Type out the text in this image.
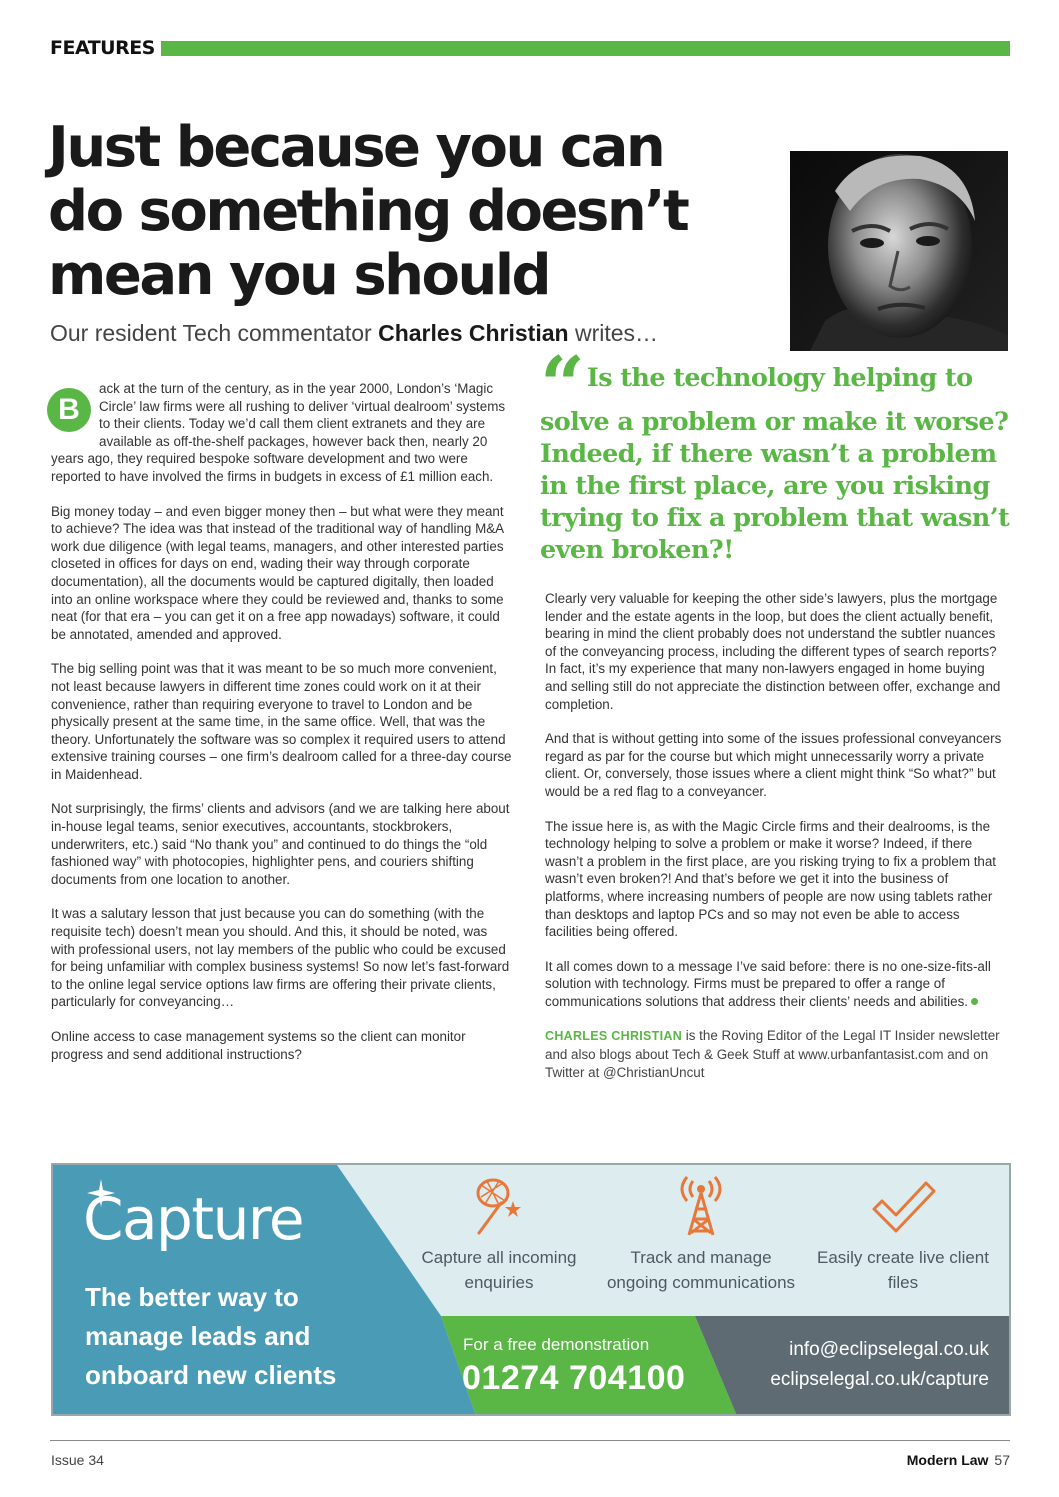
FEATURES
Just because you can do something doesn’t mean you should
Our resident Tech commentator Charles Christian writes…

B
ack at the turn of the century, as in the year 2000, London’s ‘Magic Circle’ law firms were all rushing to deliver ‘virtual dealroom’ systems to their clients. Today we’d call them client extranets and they are available as off-the-shelf packages, however back then, nearly 20 years ago, they required bespoke software development and two were reported to have involved the firms in budgets in excess of £1 million each.

Big money today – and even bigger money then – but what were they meant to achieve? The idea was that instead of the traditional way of handling M&A work due diligence (with legal teams, managers, and other interested parties closeted in offices for days on end, wading their way through corporate documentation), all the documents would be captured digitally, then loaded into an online workspace where they could be reviewed and, thanks to some neat (for that era – you can get it on a free app nowadays) software, it could be annotated, amended and approved.

The big selling point was that it was meant to be so much more convenient, not least because lawyers in different time zones could work on it at their convenience, rather than requiring everyone to travel to London and be physically present at the same time, in the same office. Well, that was the theory. Unfortunately the software was so complex it required users to attend extensive training courses – one firm’s dealroom called for a three-day course in Maidenhead.

Not surprisingly, the firms’ clients and advisors (and we are talking here about in-house legal teams, senior executives, accountants, stockbrokers, underwriters, etc.) said “No thank you” and continued to do things the “old fashioned way” with photocopies, highlighter pens, and couriers shifting documents from one location to another.

It was a salutary lesson that just because you can do something (with the requisite tech) doesn’t mean you should. And this, it should be noted, was with professional users, not lay members of the public who could be excused for being unfamiliar with complex business systems! So now let’s fast-forward to the online legal service options law firms are offering their private clients, particularly for conveyancing…

Online access to case management systems so the client can monitor progress and send additional instructions?

“ Is the technology helping to solve a problem or make it worse? Indeed, if there wasn’t a problem in the first place, are you risking trying to fix a problem that wasn’t even broken?!

Clearly very valuable for keeping the other side’s lawyers, plus the mortgage lender and the estate agents in the loop, but does the client actually benefit, bearing in mind the client probably does not understand the subtler nuances of the conveyancing process, including the different types of search reports? In fact, it’s my experience that many non-lawyers engaged in home buying and selling still do not appreciate the distinction between offer, exchange and completion.

And that is without getting into some of the issues professional conveyancers regard as par for the course but which might unnecessarily worry a private client. Or, conversely, those issues where a client might think “So what?” but would be a red flag to a conveyancer.

The issue here is, as with the Magic Circle firms and their dealrooms, is the technology helping to solve a problem or make it worse? Indeed, if there wasn’t a problem in the first place, are you risking trying to fix a problem that wasn’t even broken?! And that’s before we get it into the business of platforms, where increasing numbers of people are now using tablets rather than desktops and laptop PCs and so may not even be able to access facilities being offered.

It all comes down to a message I’ve said before: there is no one-size-fits-all solution with technology. Firms must be prepared to offer a range of communications solutions that address their clients’ needs and abilities.

CHARLES CHRISTIAN is the Roving Editor of the Legal IT Insider newsletter and also blogs about Tech & Geek Stuff at www.urbanfantasist.com and on Twitter at @ChristianUncut

Capture
The better way to manage leads and onboard new clients
Capture all incoming enquiries
Track and manage ongoing communications
Easily create live client files
For a free demonstration
01274 704100
info@eclipselegal.co.uk
eclipselegal.co.uk/capture
Issue 34	Modern Law 57
